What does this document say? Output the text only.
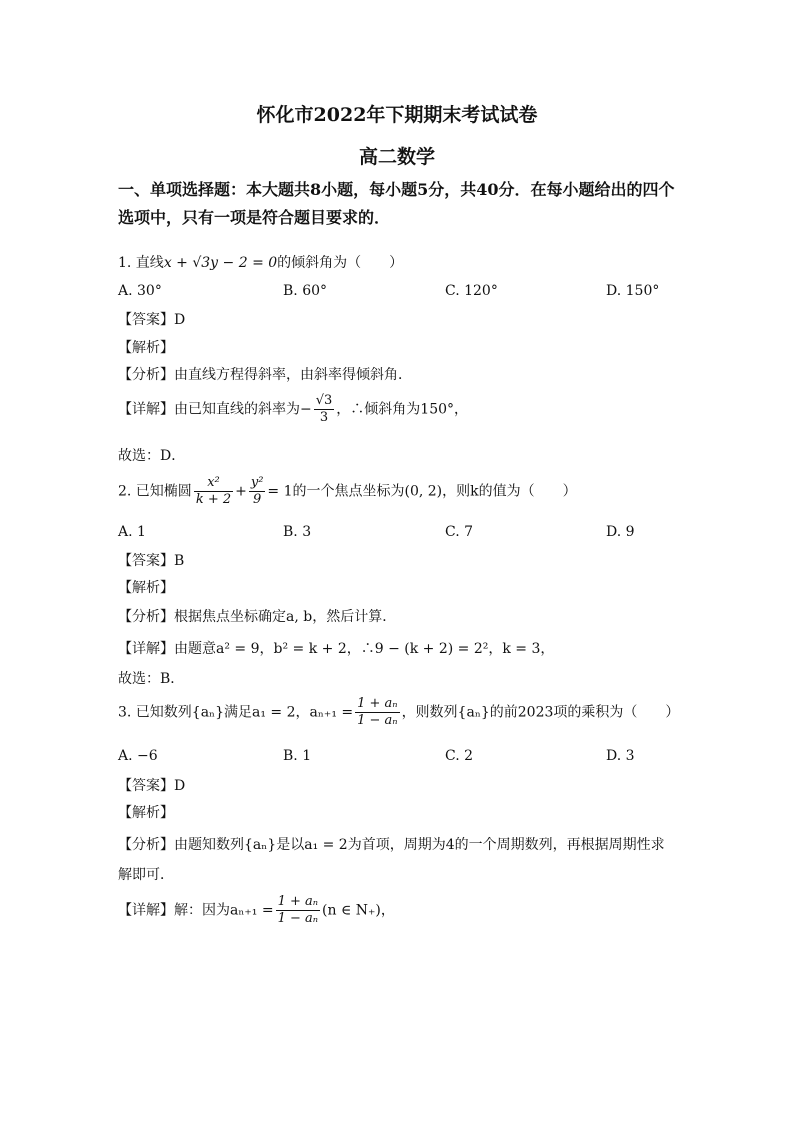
怀化市2022年下期期末考试试卷
高二数学
一、单项选择题：本大题共8小题，每小题5分，共40分．在每小题给出的四个选项中，只有一项是符合题目要求的．
1. 直线x + √3y − 2 = 0的倾斜角为（　　）
A. 30°	B. 60°	C. 120°	D. 150°
【答案】D
【解析】
【分析】由直线方程得斜率，由斜率得倾斜角．
【详解】由已知直线的斜率为− $\frac{√3}{3}$ ，∴倾斜角为150°，
故选：D．
2. 已知椭圆 $\frac{\text{x²}}{k + 2} + \frac{\text{y²}}{9} = 1$的一个焦点坐标为(0, 2)，则k的值为（　　）
A. 1	B. 3	C. 7	D. 9
【答案】B
【解析】
【分析】根据焦点坐标确定a, b，然后计算．
【详解】由题意a² = 9，b² = k + 2，∴9 − (k + 2) = 2²，k = 3，
故选：B．
3. 已知数列{aₙ}满足a₁ = 2，$a_{n+1} = \frac{\text{1 + aₙ}}{\text{1 − aₙ}}$ ，则数列{aₙ}的前2023项的乘积为（　　）
A. −6	B. 1	C. 2	D. 3
【答案】D
【解析】
【分析】由题知数列{aₙ}是以a₁ = 2为首项，周期为4的一个周期数列，再根据周期性求
解即可．
【详解】解：因为$a_{n+1} = \frac{\text{1 + aₙ}}{\text{1 − aₙ}} (n$ ∈ N₊)，
